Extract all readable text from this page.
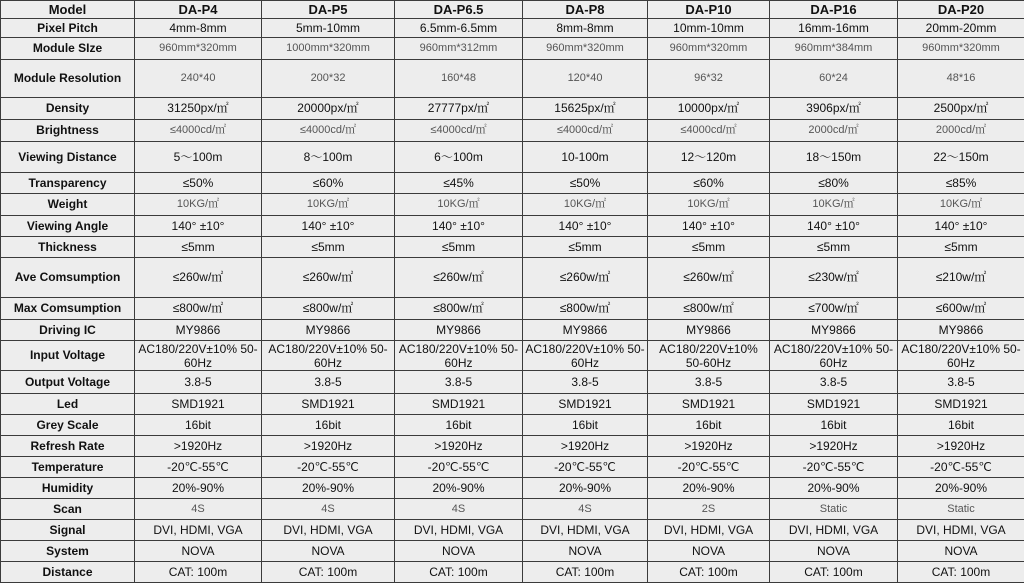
Model	DA-P4	DA-P5	DA-P6.5	DA-P8	DA-P10	DA-P16	DA-P20
Pixel Pitch	4mm-8mm	5mm-10mm	6.5mm-6.5mm	8mm-8mm	10mm-10mm	16mm-16mm	20mm-20mm
Module SIze	960mm*320mm	1000mm*320mm	960mm*312mm	960mm*320mm	960mm*320mm	960mm*384mm	960mm*320mm
Module Resolution	240*40	200*32	160*48	120*40	96*32	60*24	48*16
Density	31250px/㎡	20000px/㎡	27777px/㎡	15625px/㎡	10000px/㎡	3906px/㎡	2500px/㎡
Brightness	≤4000cd/㎡	≤4000cd/㎡	≤4000cd/㎡	≤4000cd/㎡	≤4000cd/㎡	2000cd/㎡	2000cd/㎡
Viewing Distance	5～100m	8～100m	6～100m	10-100m	12～120m	18～150m	22～150m
Transparency	≤50%	≤60%	≤45%	≤50%	≤60%	≤80%	≤85%
Weight	10KG/㎡	10KG/㎡	10KG/㎡	10KG/㎡	10KG/㎡	10KG/㎡	10KG/㎡
Viewing Angle	140° ±10°	140° ±10°	140° ±10°	140° ±10°	140° ±10°	140° ±10°	140° ±10°
Thickness	≤5mm	≤5mm	≤5mm	≤5mm	≤5mm	≤5mm	≤5mm
Ave Comsumption	≤260w/㎡	≤260w/㎡	≤260w/㎡	≤260w/㎡	≤260w/㎡	≤230w/㎡	≤210w/㎡
Max Comsumption	≤800w/㎡	≤800w/㎡	≤800w/㎡	≤800w/㎡	≤800w/㎡	≤700w/㎡	≤600w/㎡
Driving IC	MY9866	MY9866	MY9866	MY9866	MY9866	MY9866	MY9866
Input Voltage	AC180/220V±10% 50-60Hz	AC180/220V±10% 50-60Hz	AC180/220V±10% 50-60Hz	AC180/220V±10% 50-60Hz	AC180/220V±10% 50-60Hz	AC180/220V±10% 50-60Hz	AC180/220V±10% 50-60Hz
Output Voltage	3.8-5	3.8-5	3.8-5	3.8-5	3.8-5	3.8-5	3.8-5
Led	SMD1921	SMD1921	SMD1921	SMD1921	SMD1921	SMD1921	SMD1921
Grey Scale	16bit	16bit	16bit	16bit	16bit	16bit	16bit
Refresh Rate	>1920Hz	>1920Hz	>1920Hz	>1920Hz	>1920Hz	>1920Hz	>1920Hz
Temperature	-20℃-55℃	-20℃-55℃	-20℃-55℃	-20℃-55℃	-20℃-55℃	-20℃-55℃	-20℃-55℃
Humidity	20%-90%	20%-90%	20%-90%	20%-90%	20%-90%	20%-90%	20%-90%
Scan	4S	4S	4S	4S	2S	Static	Static
Signal	DVI, HDMI, VGA	DVI, HDMI, VGA	DVI, HDMI, VGA	DVI, HDMI, VGA	DVI, HDMI, VGA	DVI, HDMI, VGA	DVI, HDMI, VGA
System	NOVA	NOVA	NOVA	NOVA	NOVA	NOVA	NOVA
Distance	CAT: 100m	CAT: 100m	CAT: 100m	CAT: 100m	CAT: 100m	CAT: 100m	CAT: 100m
